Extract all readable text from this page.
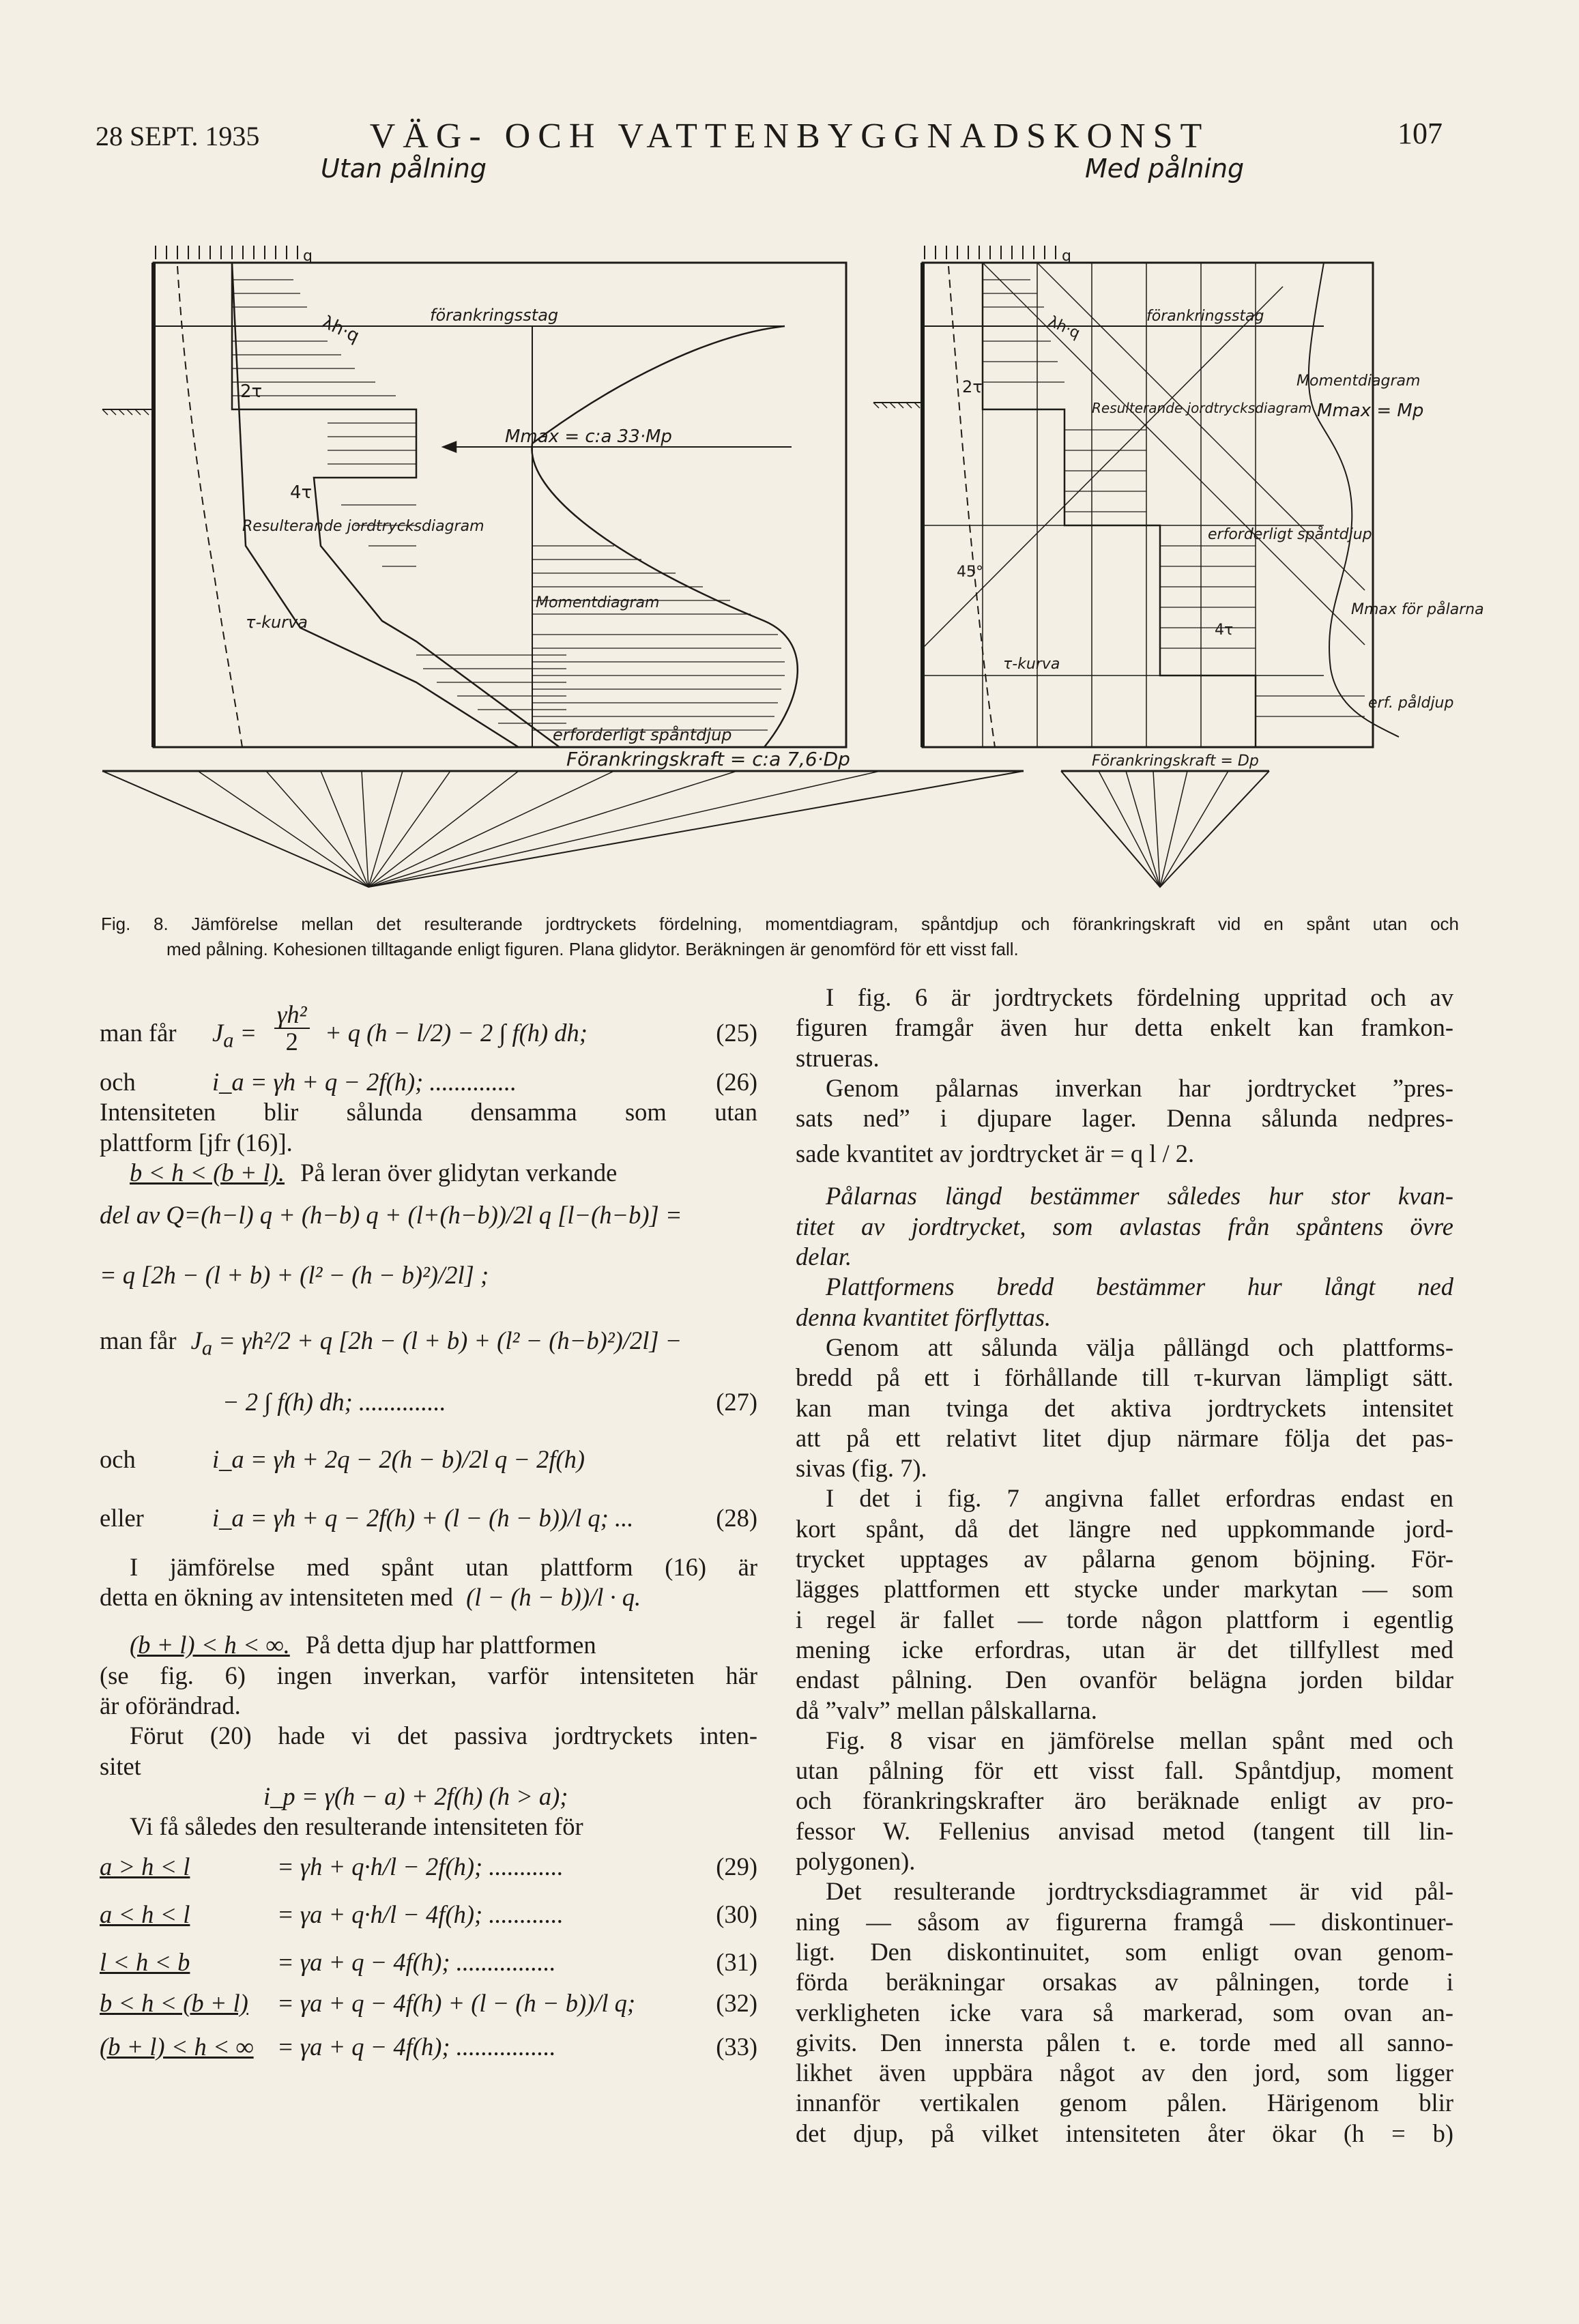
28 SEPT. 1935	VÄG- OCH VATTENBYGGNADSKONST	107
Utan pålning	Med pålning
q
förankringsstag
2τ
λh·q
4τ
Resulterande jordtrycksdiagram
τ-kurva
Mmax = c:a 33·Mp
Momentdiagram
erforderligt spåntdjup
Förankringskraft = c:a 7,6·Dp
q
förankringsstag
2τ
λh·q
Resulterande jordtrycksdiagram
45°
erforderligt spåntdjup
4τ
τ-kurva
Momentdiagram
Mmax = Mp
Mmax för pålarna
erf. påldjup
Förankringskraft = Dp
Fig. 8. Jämförelse mellan det resulterande jordtryckets fördelning, momentdiagram, spåntdjup och förankringskraft vid en spånt utan och
med pålning. Kohesionen tilltagande enligt figuren. Plana glidytor. Beräkningen är genomförd för ett visst fall.
man får $J_a = \frac{\text{γh²}}{2} + q$ (h − l/2) − 2 ∫ f(h) dh;	(25)
och	i_a = γh + q − 2f(h); ..............	(26)
Intensiteten blir sålunda densamma som utan
plattform [jfr (16)].
b < h < (b + l). På leran över glidytan verkande
del av Q=(h−l) q + (h−b) q + (l+(h−b))/2l q [l−(h−b)] =
= q [2h − (l + b) + (l² − (h − b)²)/2l] ;
man får $J_a = \gamma h^2/2 + q$ [2h − (l + b) + (l² − (h−b)²)/2l] −
− 2 ∫ f(h) dh; ..............	(27)
och	i_a = γh + 2q − 2(h − b)/2l q − 2f(h)
eller	i_a = γh + q − 2f(h) + (l − (h − b))/l q; ...	(28)
I jämförelse med spånt utan plattform (16) är
detta en ökning av intensiteten med (l − (h − b))/l · q.
(b + l) < h < ∞. På detta djup har plattformen
(se fig. 6) ingen inverkan, varför intensiteten här
är oförändrad.
Förut (20) hade vi det passiva jordtryckets inten-
sitet
i_p = γ(h − a) + 2f(h) (h > a);
Vi få således den resulterande intensiteten för
a > h < l	= γh + q·h/l − 2f(h); ............	(29)
a < h < l	= γa + q·h/l − 4f(h); ............	(30)
l < h < b	= γa + q − 4f(h); ................	(31)
b < h < (b + l) = γa + q − 4f(h) + (l − (h − b))/l q;	(32)
(b + l) < h < ∞ = γa + q − 4f(h); ................	(33)
I fig. 6 är jordtryckets fördelning uppritad och av
figuren framgår även hur detta enkelt kan framkon-
strueras.
Genom pålarnas inverkan har jordtrycket ”pres-
sats ned” i djupare lager. Denna sålunda nedpres-
sade kvantitet av jordtrycket är = q l / 2.
Pålarnas längd bestämmer således hur stor kvan-
titet av jordtrycket, som avlastas från spåntens övre
delar.
Plattformens bredd bestämmer hur långt ned
denna kvantitet förflyttas.
Genom att sålunda välja pållängd och plattforms-
bredd på ett i förhållande till τ-kurvan lämpligt sätt.
kan man tvinga det aktiva jordtryckets intensitet
att på ett relativt litet djup närmare följa det pas-
sivas (fig. 7).
I det i fig. 7 angivna fallet erfordras endast en
kort spånt, då det längre ned uppkommande jord-
trycket upptages av pålarna genom böjning. För-
lägges plattformen ett stycke under markytan — som
i regel är fallet — torde någon plattform i egentlig
mening icke erfordras, utan är det tillfyllest med
endast pålning. Den ovanför belägna jorden bildar
då ”valv” mellan pålskallarna.
Fig. 8 visar en jämförelse mellan spånt med och
utan pålning för ett visst fall. Spåntdjup, moment
och förankringskrafter äro beräknade enligt av pro-
fessor W. Fellenius anvisad metod (tangent till lin-
polygonen).
Det resulterande jordtrycksdiagrammet är vid pål-
ning — såsom av figurerna framgå — diskontinuer-
ligt. Den diskontinuitet, som enligt ovan genom-
förda beräkningar orsakas av pålningen, torde i
verkligheten icke vara så markerad, som ovan an-
givits. Den innersta pålen t. e. torde med all sanno-
likhet även uppbära något av den jord, som ligger
innanför vertikalen genom pålen. Härigenom blir
det djup, på vilket intensiteten åter ökar (h = b)
